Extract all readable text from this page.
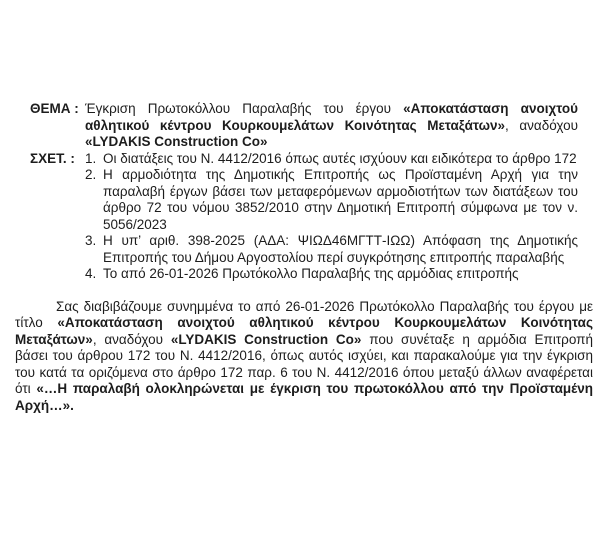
ΘΕΜΑ : Έγκριση Πρωτοκόλλου Παραλαβής του έργου «Αποκατάσταση ανοιχτού αθλητικού κέντρου Κουρκουμελάτων Κοινότητας Μεταξάτων», αναδόχου «LYDAKIS Construction Co»
ΣΧΕΤ. : 1. Οι διατάξεις του Ν. 4412/2016 όπως αυτές ισχύουν και ειδικότερα το άρθρο 172
2. Η αρμοδιότητα της Δημοτικής Επιτροπής ως Προϊσταμένη Αρχή για την παραλαβή έργων βάσει των μεταφερόμενων αρμοδιοτήτων των διατάξεων του άρθρο 72 του νόμου 3852/2010 στην Δημοτική Επιτροπή σύμφωνα με τον ν. 5056/2023
3. Η υπ’ αριθ. 398-2025 (ΑΔΑ: ΨΙΩΔ46ΜΓΤΤ-ΙΩΩ) Απόφαση της Δημοτικής Επιτροπής του Δήμου Αργοστολίου περί συγκρότησης επιτροπής παραλαβής
4. Το από 26-01-2026 Πρωτόκολλο Παραλαβής της αρμόδιας επιτροπής
Σας διαβιβάζουμε συνημμένα το από 26-01-2026 Πρωτόκολλο Παραλαβής του έργου με τίτλο «Αποκατάσταση ανοιχτού αθλητικού κέντρου Κουρκουμελάτων Κοινότητας Μεταξάτων», αναδόχου «LYDAKIS Construction Co» που συνέταξε η αρμόδια Επιτροπή βάσει του άρθρου 172 του Ν. 4412/2016, όπως αυτός ισχύει, και παρακαλούμε για την έγκριση του κατά τα οριζόμενα στο άρθρο 172 παρ. 6 του Ν. 4412/2016 όπου μεταξύ άλλων αναφέρεται ότι «…Η παραλαβή ολοκληρώνεται με έγκριση του πρωτοκόλλου από την Προϊσταμένη Αρχή…».
